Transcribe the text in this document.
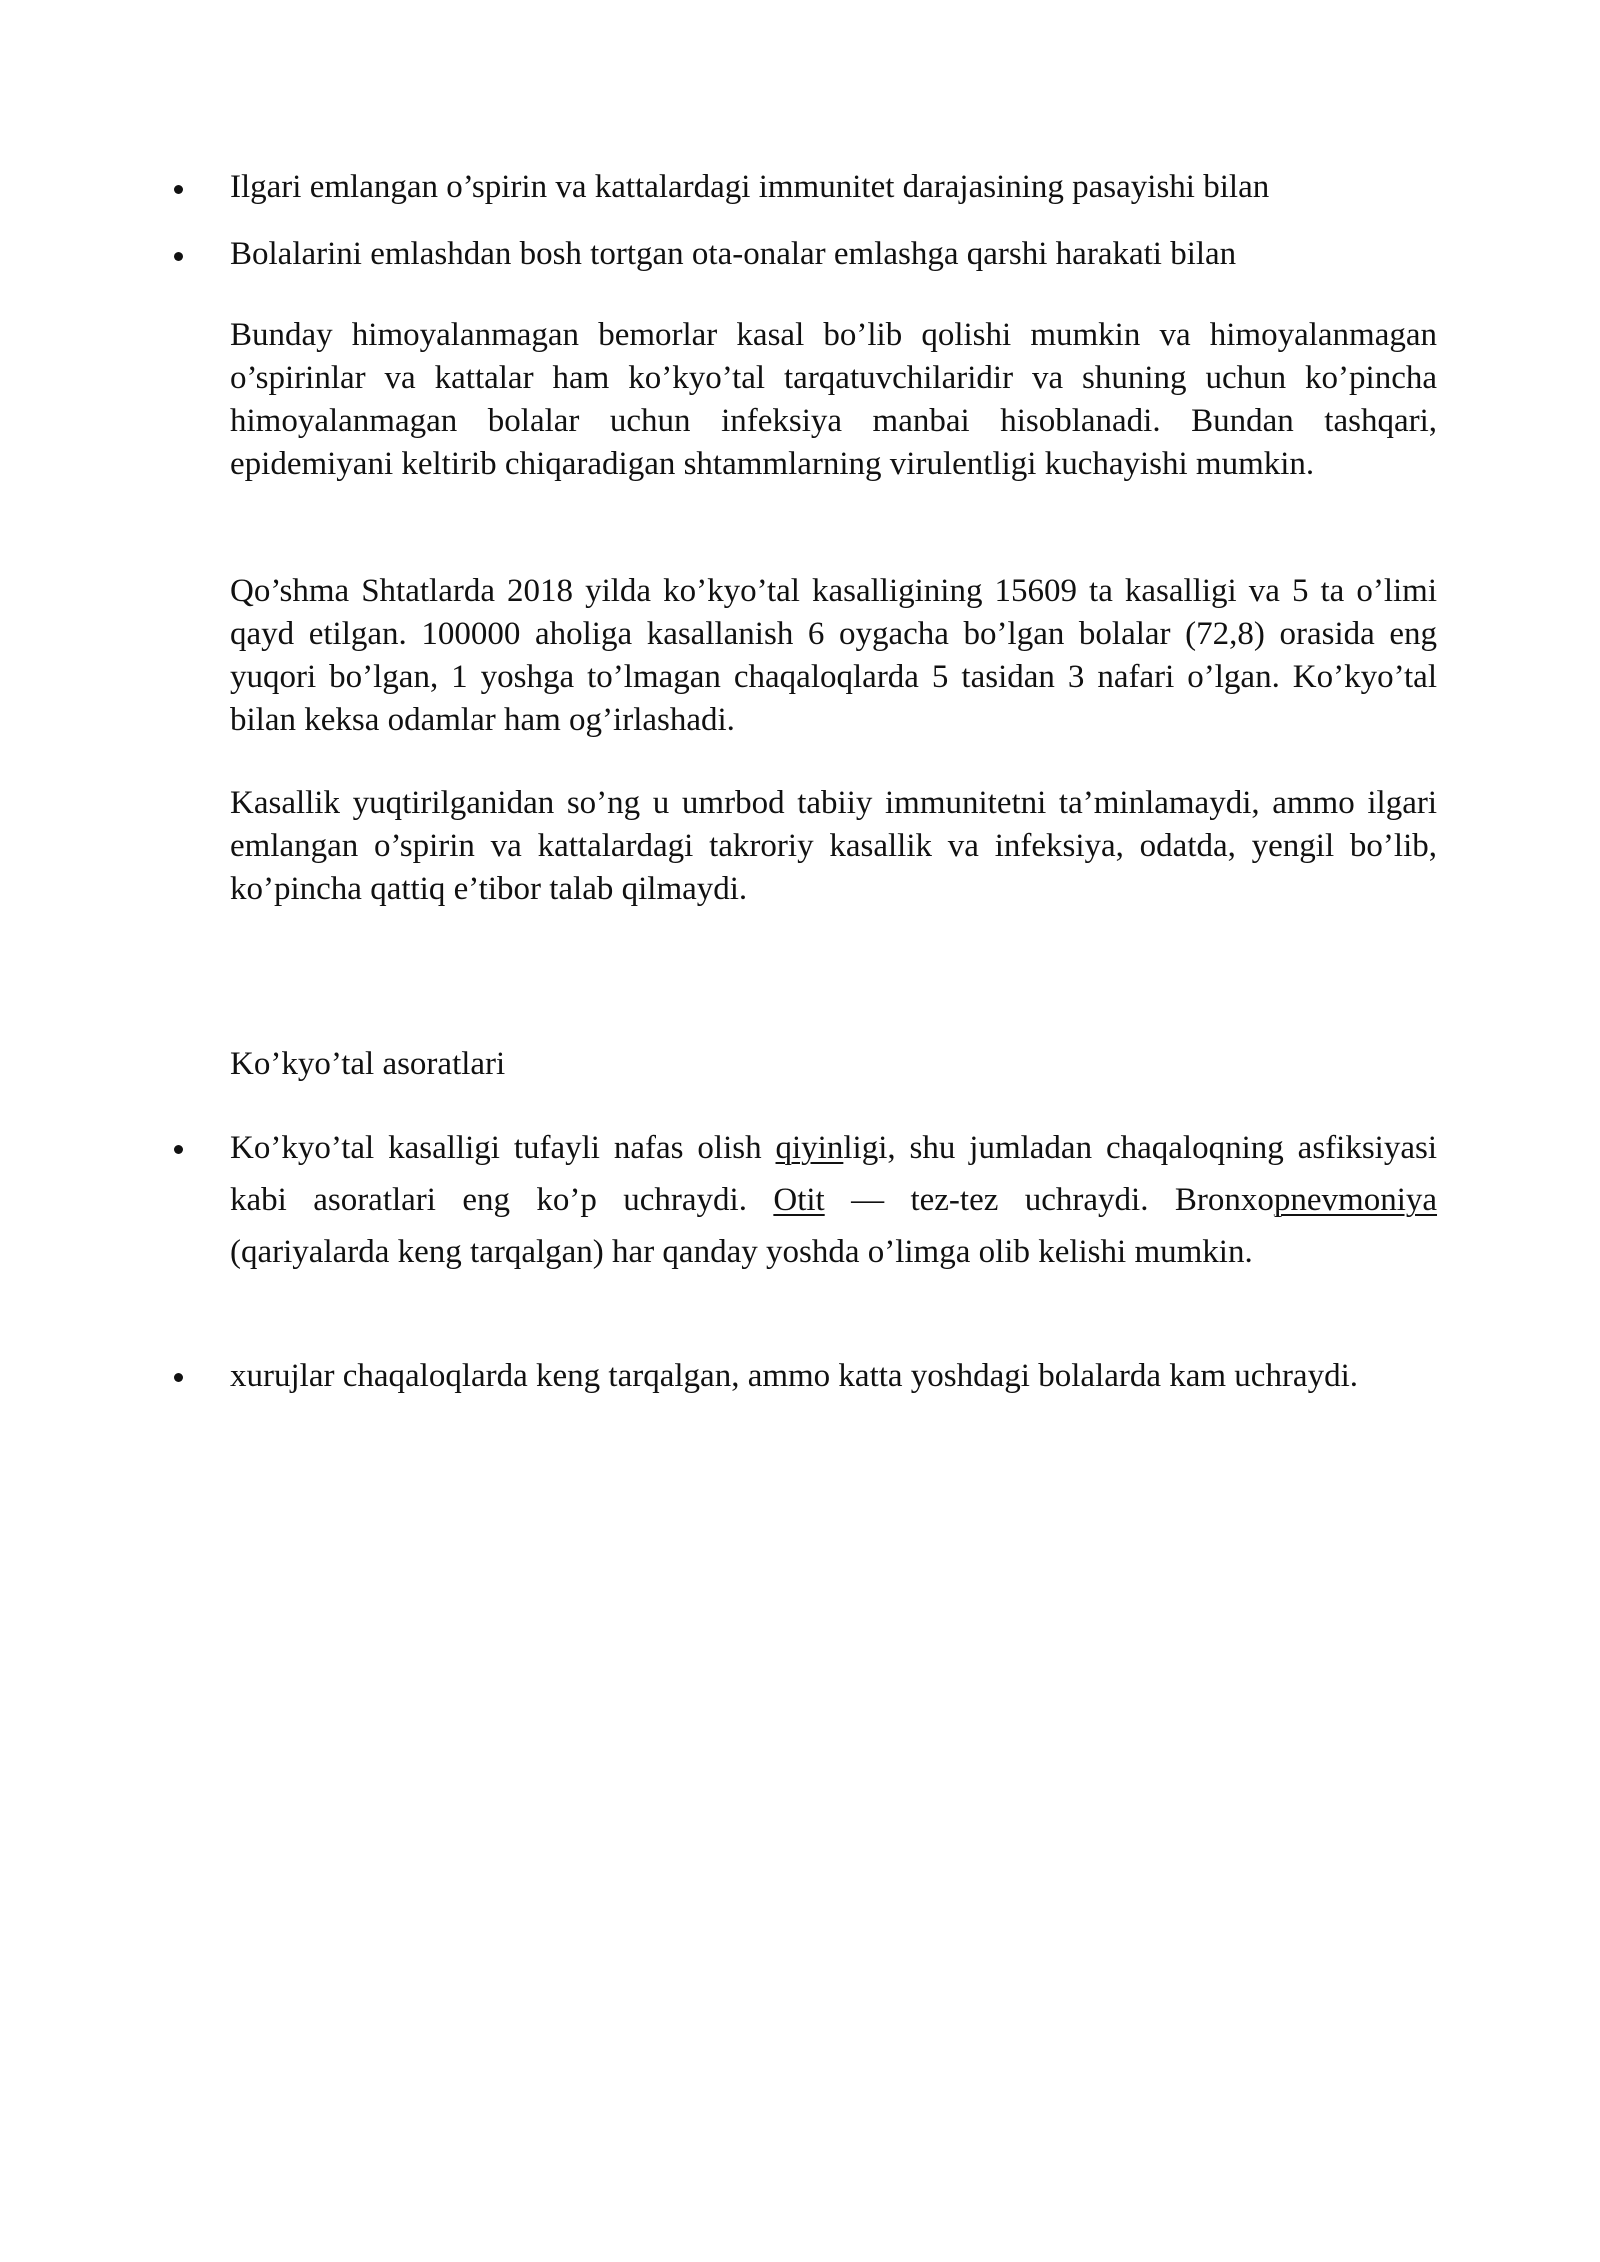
Ilgari emlangan o’spirin va kattalardagi immunitet darajasining pasayishi bilan
Bolalarini emlashdan bosh tortgan ota-onalar emlashga qarshi harakati bilan
Bunday himoyalanmagan bemorlar kasal bo’lib qolishi mumkin va himoyalanmagan o’spirinlar va kattalar ham ko’kyo’tal tarqatuvchilaridir va shuning uchun ko’pincha himoyalanmagan bolalar uchun infeksiya manbai hisoblanadi. Bundan tashqari, epidemiyani keltirib chiqaradigan shtammlarning virulentligi kuchayishi mumkin.
Qo’shma Shtatlarda 2018 yilda ko’kyo’tal kasalligining 15609 ta kasalligi va 5 ta o’limi qayd etilgan. 100000 aholiga kasallanish 6 oygacha bo’lgan bolalar (72,8) orasida eng yuqori bo’lgan, 1 yoshga to’lmagan chaqaloqlarda 5 tasidan 3 nafari o’lgan. Ko’kyo’tal bilan keksa odamlar ham og’irlashadi.
Kasallik yuqtirilganidan so’ng u umrbod tabiiy immunitetni ta’minlamaydi, ammo ilgari emlangan o’spirin va kattalardagi takroriy kasallik va infeksiya, odatda, yengil bo’lib, ko’pincha qattiq e’tibor talab qilmaydi.
Ko’kyo’tal asoratlari
Ko’kyo’tal kasalligi tufayli nafas olish qiyinligi, shu jumladan chaqaloqning asfiksiyasi kabi asoratlari eng ko’p uchraydi. Otit — tez-tez uchraydi. Bronxopnevmoniya (qariyalarda keng tarqalgan) har qanday yoshda o’limga olib kelishi mumkin.
xurujlar chaqaloqlarda keng tarqalgan, ammo katta yoshdagi bolalarda kam uchraydi.
